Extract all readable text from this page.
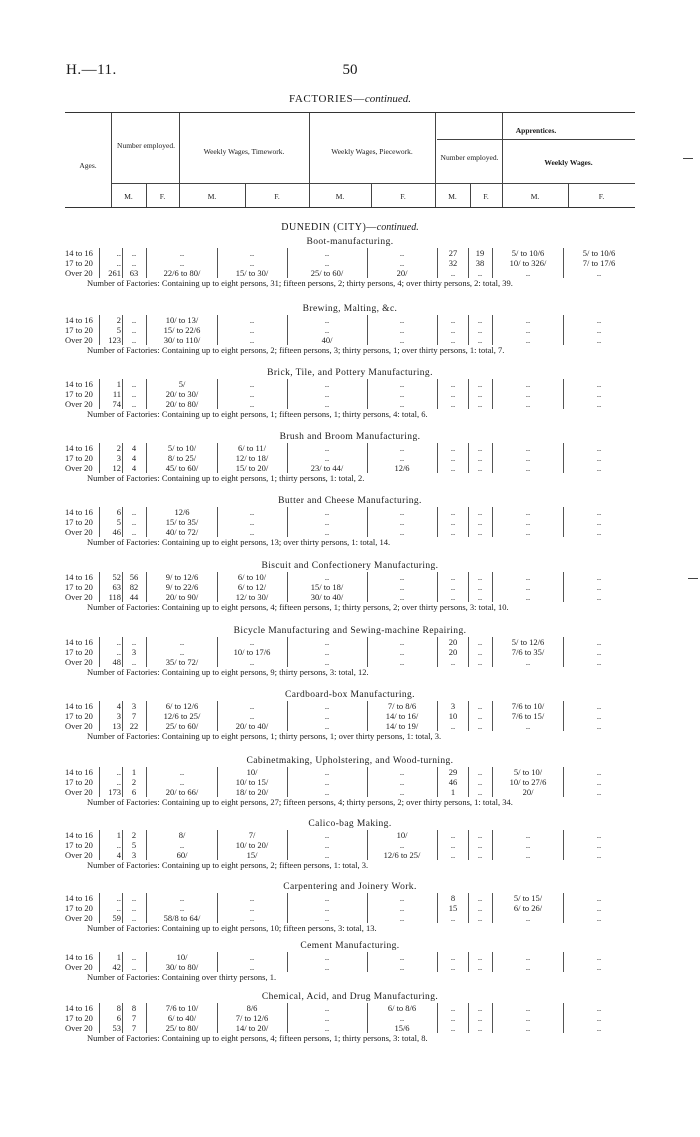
H.—11.	50
FACTORIES—continued.
Ages.
Number employed.
Weekly Wages, Timework.	Weekly Wages, Piecework.
Apprentices.
Number employed.
Weekly Wages.
M.	F.	M.	F.	M.	F.	M.	F.	M.	F.
DUNEDIN (CITY)—continued.
Boot-manufacturing.
14 to 16	..	..	..	..	..	..	27	19	5/ to 10/6	5/ to 10/6
17 to 20	..	..	..	..	..	..	32	38	10/ to 326/	7/ to 17/6
Over 20	261	63	22/6 to 80/	15/ to 30/	25/ to 60/	20/	..	..	..	..
Number of Factories: Containing up to eight persons, 31; fifteen persons, 2; thirty persons, 4; over thirty persons, 2: total, 39.
Brewing, Malting, &c.
14 to 16	2	..	10/ to 13/	..	..	..	..	..	..	..
17 to 20	5	..	15/ to 22/6	..	..	..	..	..	..	..
Over 20	123	..	30/ to 110/	..	40/	..	..	..	..	..
Number of Factories: Containing up to eight persons, 2; fifteen persons, 3; thirty persons, 1; over thirty persons, 1: total, 7.
Brick, Tile, and Pottery Manufacturing.
14 to 16	1	..	5/	..	..	..	..	..	..	..
17 to 20	11	..	20/ to 30/	..	..	..	..	..	..	..
Over 20	74	..	20/ to 80/	..	..	..	..	..	..	..
Number of Factories: Containing up to eight persons, 1; fifteen persons, 1; thirty persons, 4: total, 6.
Brush and Broom Manufacturing.
14 to 16	2	4	5/ to 10/	6/ to 11/	..	..	..	..	..	..
17 to 20	3	4	8/ to 25/	12/ to 18/	..	..	..	..	..	..
Over 20	12	4	45/ to 60/	15/ to 20/	23/ to 44/	12/6	..	..	..	..
Number of Factories: Containing up to eight persons, 1; thirty persons, 1: total, 2.
Butter and Cheese Manufacturing.
14 to 16	6	..	12/6	..	..	..	..	..	..	..
17 to 20	5	..	15/ to 35/	..	..	..	..	..	..	..
Over 20	46	..	40/ to 72/	..	..	..	..	..	..	..
Number of Factories: Containing up to eight persons, 13; over thirty persons, 1: total, 14.
Biscuit and Confectionery Manufacturing.
14 to 16	52	56	9/ to 12/6	6/ to 10/	..	..	..	..	..	..
17 to 20	63	82	9/ to 22/6	6/ to 12/	15/ to 18/	..	..	..	..	..
Over 20	118	44	20/ to 90/	12/ to 30/	30/ to 40/	..	..	..	..	..
Number of Factories: Containing up to eight persons, 4; fifteen persons, 1; thirty persons, 2; over thirty persons, 3: total, 10.
Bicycle Manufacturing and Sewing-machine Repairing.
14 to 16	..	..	..	..	..	..	20	..	5/ to 12/6	..
17 to 20	..	3	..	10/ to 17/6	..	..	20	..	7/6 to 35/	..
Over 20	48	..	35/ to 72/	..	..	..	..	..	..	..
Number of Factories: Containing up to eight persons, 9; thirty persons, 3: total, 12.
Cardboard-box Manufacturing.
14 to 16	4	3	6/ to 12/6	..	..	7/ to 8/6	3	..	7/6 to 10/	..
17 to 20	3	7	12/6 to 25/	..	..	14/ to 16/	10	..	7/6 to 15/	..
Over 20	13	22	25/ to 60/	20/ to 40/	..	14/ to 19/	..	..	..	..
Number of Factories: Containing up to eight persons, 1; thirty persons, 1; over thirty persons, 1: total, 3.
Cabinetmaking, Upholstering, and Wood-turning.
14 to 16	..	1	..	10/	..	..	29	..	5/ to 10/	..
17 to 20	..	2	..	10/ to 15/	..	..	46	..	10/ to 27/6	..
Over 20	173	6	20/ to 66/	18/ to 20/	..	..	1	..	20/	..
Number of Factories: Containing up to eight persons, 27; fifteen persons, 4; thirty persons, 2; over thirty persons, 1: total, 34.
Calico-bag Making.
14 to 16	1	2	8/	7/	..	10/	..	..	..	..
17 to 20	..	5	..	10/ to 20/	..	..	..	..	..	..
Over 20	4	3	60/	15/	..	12/6 to 25/	..	..	..	..
Number of Factories: Containing up to eight persons, 2; fifteen persons, 1: total, 3.
Carpentering and Joinery Work.
14 to 16	..	..	..	..	..	..	8	..	5/ to 15/	..
17 to 20	..	..	..	..	..	..	15	..	6/ to 26/	..
Over 20	59	..	58/8 to 64/	..	..	..	..	..	..	..
Number of Factories: Containing up to eight persons, 10; fifteen persons, 3: total, 13.
Cement Manufacturing.
14 to 16	1	..	10/	..	..	..	..	..	..	..
Over 20	42	..	30/ to 80/	..	..	..	..	..	..	..
Number of Factories: Containing over thirty persons, 1.
Chemical, Acid, and Drug Manufacturing.
14 to 16	8	8	7/6 to 10/	8/6	..	6/ to 8/6	..	..	..	..
17 to 20	6	7	6/ to 40/	7/ to 12/6	..	..	..	..	..	..
Over 20	53	7	25/ to 80/	14/ to 20/	..	15/6	..	..	..	..
Number of Factories: Containing up to eight persons, 4; fifteen persons, 1; thirty persons, 3: total, 8.
